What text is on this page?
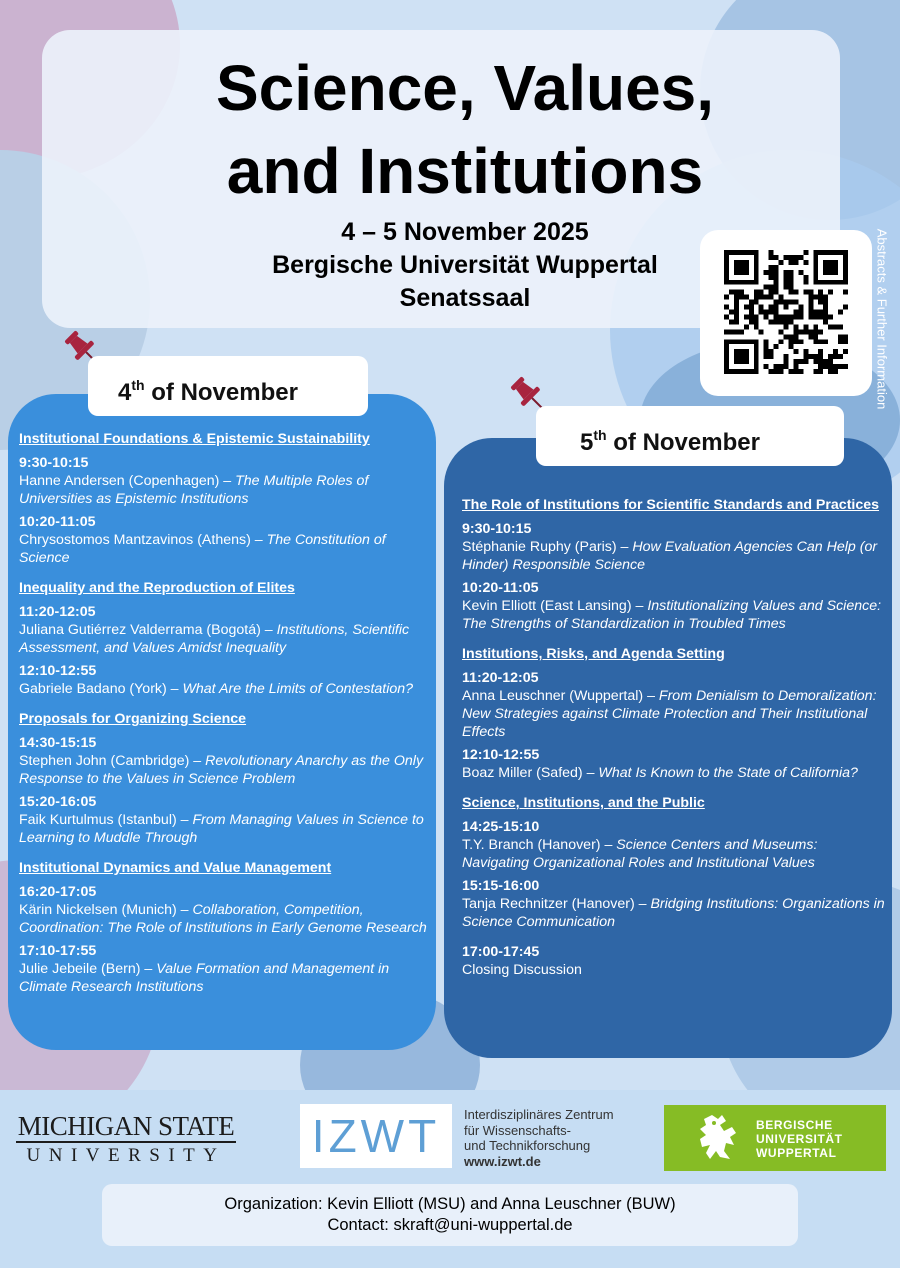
Science, Values,
and Institutions
4 – 5 November 2025
Bergische Universität Wuppertal
Senatssaal	Abstracts & Further Information
4th of November
5th of November
Institutional Foundations & Epistemic Sustainability
9:30-10:15
Hanne Andersen (Copenhagen) – The Multiple Roles of Universities as Epistemic Institutions
10:20-11:05
Chrysostomos Mantzavinos (Athens) – The Constitution of Science
Inequality and the Reproduction of Elites
11:20-12:05
Juliana Gutiérrez Valderrama (Bogotá) – Institutions, Scientific Assessment, and Values Amidst Inequality
12:10-12:55
Gabriele Badano (York) – What Are the Limits of Contestation?
Proposals for Organizing Science
14:30-15:15
Stephen John (Cambridge) – Revolutionary Anarchy as the Only Response to the Values in Science Problem
15:20-16:05
Faik Kurtulmus (Istanbul) – From Managing Values in Science to Learning to Muddle Through
Institutional Dynamics and Value Management
16:20-17:05
Kärin Nickelsen (Munich) – Collaboration, Competition, Coordination: The Role of Institutions in Early Genome Research
17:10-17:55
Julie Jebeile (Bern) – Value Formation and Management in Climate Research Institutions
The Role of Institutions for Scientific Standards and Practices
9:30-10:15
Stéphanie Ruphy (Paris) – How Evaluation Agencies Can Help (or Hinder) Responsible Science
10:20-11:05
Kevin Elliott (East Lansing) – Institutionalizing Values and Science: The Strengths of Standardization in Troubled Times
Institutions, Risks, and Agenda Setting
11:20-12:05
Anna Leuschner (Wuppertal) – From Denialism to Demoralization: New Strategies against Climate Protection and Their Institutional Effects
12:10-12:55
Boaz Miller (Safed) – What Is Known to the State of California?
Science, Institutions, and the Public
14:25-15:10
T.Y. Branch (Hanover) – Science Centers and Museums: Navigating Organizational Roles and Institutional Values
15:15-16:00
Tanja Rechnitzer (Hanover) – Bridging Institutions: Organizations in Science Communication
17:00-17:45
Closing Discussion
MICHIGAN STATE
UNIVERSITY IZWT	Interdisziplinäres Zentrum
für Wissenschafts-
und Technikforschung
www.izwt.de
BERGISCHE
UNIVERSITÄT
WUPPERTAL
Organization: Kevin Elliott (MSU) and Anna Leuschner (BUW)
Contact: skraft@uni-wuppertal.de
